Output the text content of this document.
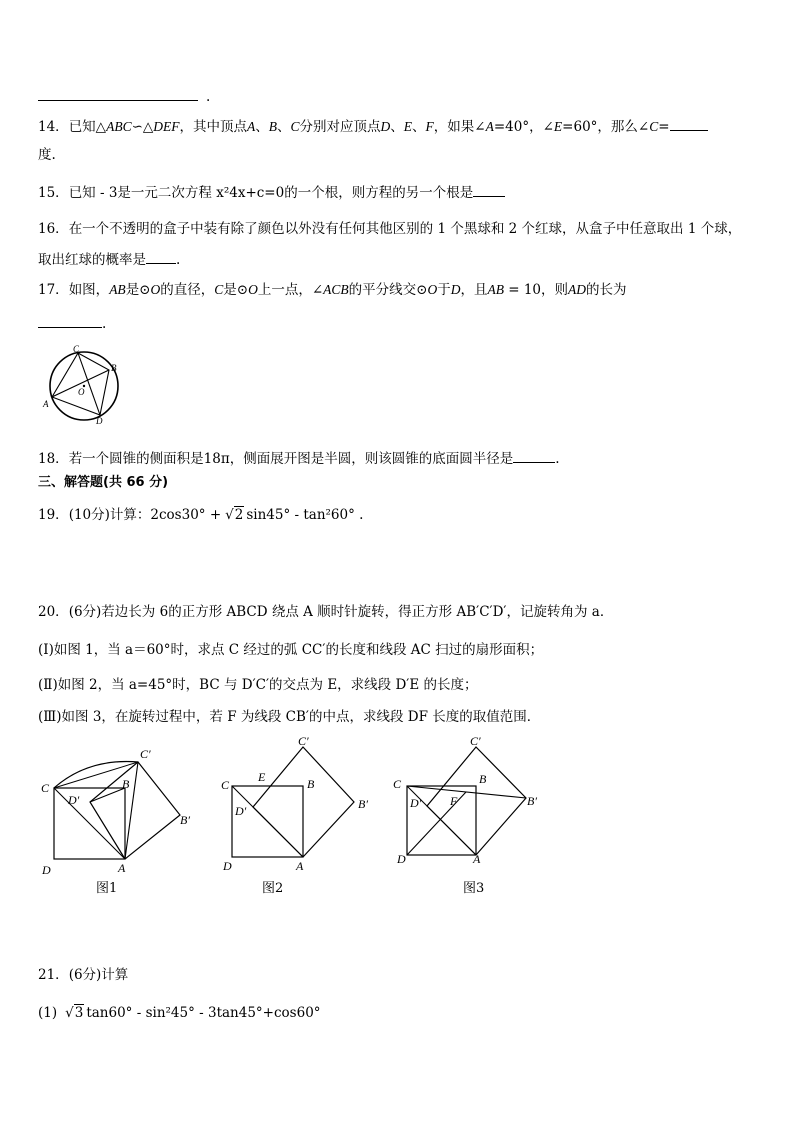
.
14．已知△ABC∽△DEF，其中顶点A、B、C分别对应顶点D、E、F，如果∠A=40°，∠E=60°，那么∠C=
度.
15．已知 - 3是一元二次方程 x²4x+c=0的一个根，则方程的另一个根是
16．在一个不透明的盒子中装有除了颜色以外没有任何其他区别的 1 个黑球和 2 个红球，从盒子中任意取出 1 个球，
取出红球的概率是 .
17．如图，AB是⊙O的直径，C是⊙O上一点，∠ACB的平分线交⊙O于D，且AB = 10，则AD的长为
.
C
B
A
O
D
18．若一个圆锥的侧面积是18π，侧面展开图是半圆，则该圆锥的底面圆半径是	.
三、解答题(共 66 分)
19．(10分)计算：2cos30° + √2 sin45° - tan²60° .
20．(6分)若边长为 6的正方形 ABCD 绕点 A 顺时针旋转，得正方形 AB′C′D′，记旋转角为 a．
(I)如图 1，当 a＝60°时，求点 C 经过的弧 CC′的长度和线段 AC 扫过的扇形面积；
(Ⅱ)如图 2，当 a=45°时，BC 与 D′C′的交点为 E，求线段 D′E 的长度；
(Ⅲ)如图 3，在旋转过程中，若 F 为线段 CB′的中点，求线段 DF 长度的取值范围．
C′
C
D′
B
B′
D	A
图1
C′
C
E	B
D′	B′
D	A
图2
C′
C	B
D′ F	B′
D	A
图3
21．(6分)计算
(1) √3 tan60° - sin²45° - 3tan45°+cos60°
